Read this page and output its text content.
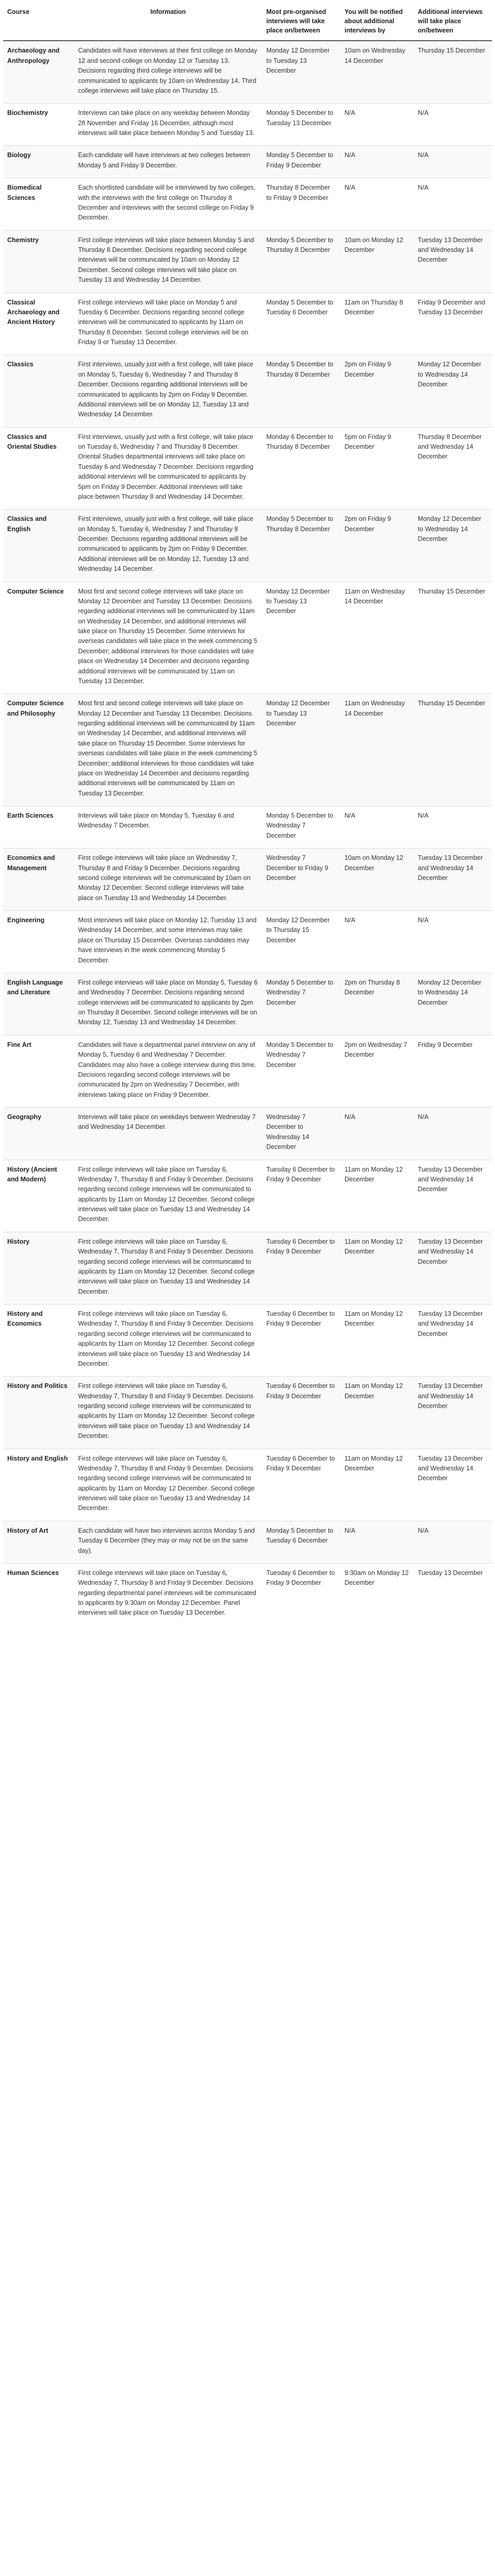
Course	Information	Most pre-organised interviews will take place on/between	You will be notified about additional interviews by	Additional interviews will take place on/between
Archaeology and Anthropology	Candidates will have interviews at their first college on Monday 12 and second college on Monday 12 or Tuesday 13. Decisions regarding third college interviews will be communicated to applicants by 10am on Wednesday 14. Third college interviews will take place on Thursday 15.	Monday 12 December to Tuesday 13 December	10am on Wednesday 14 December	Thursday 15 December
Biochemistry	Interviews can take place on any weekday between Monday 28 November and Friday 16 December, although most interviews will take place between Monday 5 and Tuesday 13.	Monday 5 December to Tuesday 13 December	N/A	N/A
Biology	Each candidate will have interviews at two colleges between Monday 5 and Friday 9 December.	Monday 5 December to Friday 9 December	N/A	N/A
Biomedical Sciences	Each shortlisted candidate will be interviewed by two colleges, with the interviews with the first college on Thursday 8 December and interviews with the second college on Friday 9 December.	Thursday 8 December to Friday 9 December	N/A	N/A
Chemistry	First college interviews will take place between Monday 5 and Thursday 8 December. Decisions regarding second college interviews will be communicated by 10am on Monday 12 December. Second college interviews will take place on Tuesday 13 and Wednesday 14 December.	Monday 5 December to Thursday 8 December	10am on Monday 12 December	Tuesday 13 December and Wednesday 14 December
Classical Archaeology and Ancient History	First college interviews will take place on Monday 5 and Tuesday 6 December. Decisions regarding second college interviews will be communicated to applicants by 11am on Thursday 8 December. Second college interviews will be on Friday 9 or Tuesday 13 December.	Monday 5 December to Tuesday 6 December	11am on Thursday 8 December	Friday 9 December and Tuesday 13 December
Classics	First interviews, usually just with a first college, will take place on Monday 5, Tuesday 6, Wednesday 7 and Thursday 8 December. Decisions regarding additional interviews will be communicated to applicants by 2pm on Friday 9 December. Additional interviews will be on Monday 12, Tuesday 13 and Wednesday 14 December.	Monday 5 December to Thursday 8 December	2pm on Friday 9 December	Monday 12 December to Wednesday 14 December
Classics and Oriental Studies	First interviews, usually just with a first college, will take place on Tuesday 6, Wednesday 7 and Thursday 8 December. Oriental Studies departmental interviews will take place on Tuesday 6 and Wednesday 7 December. Decisions regarding additional interviews will be communicated to applicants by 5pm on Friday 9 December. Additional interviews will take place between Thursday 8 and Wednesday 14 December.	Monday 6 December to Thursday 8 December	5pm on Friday 9 December	Thursday 8 December and Wednesday 14 December
Classics and English	First interviews, usually just with a first college, will take place on Monday 5, Tuesday 6, Wednesday 7 and Thursday 8 December. Decisions regarding additional interviews will be communicated to applicants by 2pm on Friday 9 December. Additional interviews will be on Monday 12, Tuesday 13 and Wednesday 14 December.	Monday 5 December to Thursday 8 December	2pm on Friday 9 December	Monday 12 December to Wednesday 14 December
Computer Science	Most first and second college interviews will take place on Monday 12 December and Tuesday 13 December. Decisions regarding additional interviews will be communicated by 11am on Wednesday 14 December, and additional interviews will take place on Thursday 15 December. Some interviews for overseas candidates will take place in the week commencing 5 December; additional interviews for those candidates will take place on Wednesday 14 December and decisions regarding additional interviews will be communicated by 11am on Tuesday 13 December.	Monday 12 December to Tuesday 13 December	11am on Wednesday 14 December	Thursday 15 December
Computer Science and Philosophy	Most first and second college interviews will take place on Monday 12 December and Tuesday 13 December. Decisions regarding additional interviews will be communicated by 11am on Wednesday 14 December, and additional interviews will take place on Thursday 15 December. Some interviews for overseas candidates will take place in the week commencing 5 December; additional interviews for those candidates will take place on Wednesday 14 December and decisions regarding additional interviews will be communicated by 11am on Tuesday 13 December.	Monday 12 December to Tuesday 13 December	11am on Wednesday 14 December	Thursday 15 December
Earth Sciences	Interviews will take place on Monday 5, Tuesday 6 and Wednesday 7 December.	Monday 5 December to Wednesday 7 December	N/A	N/A
Economics and Management	First college interviews will take place on Wednesday 7, Thursday 8 and Friday 9 December. Decisions regarding second college interviews will be communicated by 10am on Monday 12 December. Second college interviews will take place on Tuesday 13 and Wednesday 14 December.	Wednesday 7 December to Friday 9 December	10am on Monday 12 December	Tuesday 13 December and Wednesday 14 December
Engineering	Most interviews will take place on Monday 12, Tuesday 13 and Wednesday 14 December, and some interviews may take place on Thursday 15 December. Overseas candidates may have interviews in the week commencing Monday 5 December.	Monday 12 December to Thursday 15 December	N/A	N/A
English Language and Literature	First college interviews will take place on Monday 5, Tuesday 6 and Wednesday 7 December. Decisions regarding second college interviews will be communicated to applicants by 2pm on Thursday 8 December. Second college interviews will be on Monday 12, Tuesday 13 and Wednesday 14 December.	Monday 5 December to Wednesday 7 December	2pm on Thursday 8 December	Monday 12 December to Wednesday 14 December
Fine Art	Candidates will have a departmental panel interview on any of Monday 5, Tuesday 6 and Wednesday 7 December. Candidates may also have a college interview during this time. Decisions regarding second college interviews will be communicated by 2pm on Wednesday 7 December, with interviews taking place on Friday 9 December.	Monday 5 December to Wednesday 7 December	2pm on Wednesday 7 December	Friday 9 December
Geography	Interviews will take place on weekdays between Wednesday 7 and Wednesday 14 December.	Wednesday 7 December to Wednesday 14 December	N/A	N/A
History (Ancient and Modern)	First college interviews will take place on Tuesday 6, Wednesday 7, Thursday 8 and Friday 9 December. Decisions regarding second college interviews will be communicated to applicants by 11am on Monday 12 December. Second college interviews will take place on Tuesday 13 and Wednesday 14 December.	Tuesday 6 December to Friday 9 December	11am on Monday 12 December	Tuesday 13 December and Wednesday 14 December
History	First college interviews will take place on Tuesday 6, Wednesday 7, Thursday 8 and Friday 9 December. Decisions regarding second college interviews will be communicated to applicants by 11am on Monday 12 December. Second college interviews will take place on Tuesday 13 and Wednesday 14 December.	Tuesday 6 December to Friday 9 December	11am on Monday 12 December	Tuesday 13 December and Wednesday 14 December
History and Economics	First college interviews will take place on Tuesday 6, Wednesday 7, Thursday 8 and Friday 9 December. Decisions regarding second college interviews will be communicated to applicants by 11am on Monday 12 December. Second college interviews will take place on Tuesday 13 and Wednesday 14 December.	Tuesday 6 December to Friday 9 December	11am on Monday 12 December	Tuesday 13 December and Wednesday 14 December
History and Politics	First college interviews will take place on Tuesday 6, Wednesday 7, Thursday 8 and Friday 9 December. Decisions regarding second college interviews will be communicated to applicants by 11am on Monday 12 December. Second college interviews will take place on Tuesday 13 and Wednesday 14 December.	Tuesday 6 December to Friday 9 December	11am on Monday 12 December	Tuesday 13 December and Wednesday 14 December
History and English	First college interviews will take place on Tuesday 6, Wednesday 7, Thursday 8 and Friday 9 December. Decisions regarding second college interviews will be communicated to applicants by 11am on Monday 12 December. Second college interviews will take place on Tuesday 13 and Wednesday 14 December.	Tuesday 6 December to Friday 9 December	11am on Monday 12 December	Tuesday 13 December and Wednesday 14 December
History of Art	Each candidate will have two interviews across Monday 5 and Tuesday 6 December (they may or may not be on the same day).	Monday 5 December to Tuesday 6 December	N/A	N/A
Human Sciences	First college interviews will take place on Tuesday 6, Wednesday 7, Thursday 8 and Friday 9 December. Decisions regarding departmental panel interviews will be communicated to applicants by 9:30am on Monday 12 December. Panel interviews will take place on Tuesday 13 December.	Tuesday 6 December to Friday 9 December	9:30am on Monday 12 December	Tuesday 13 December
